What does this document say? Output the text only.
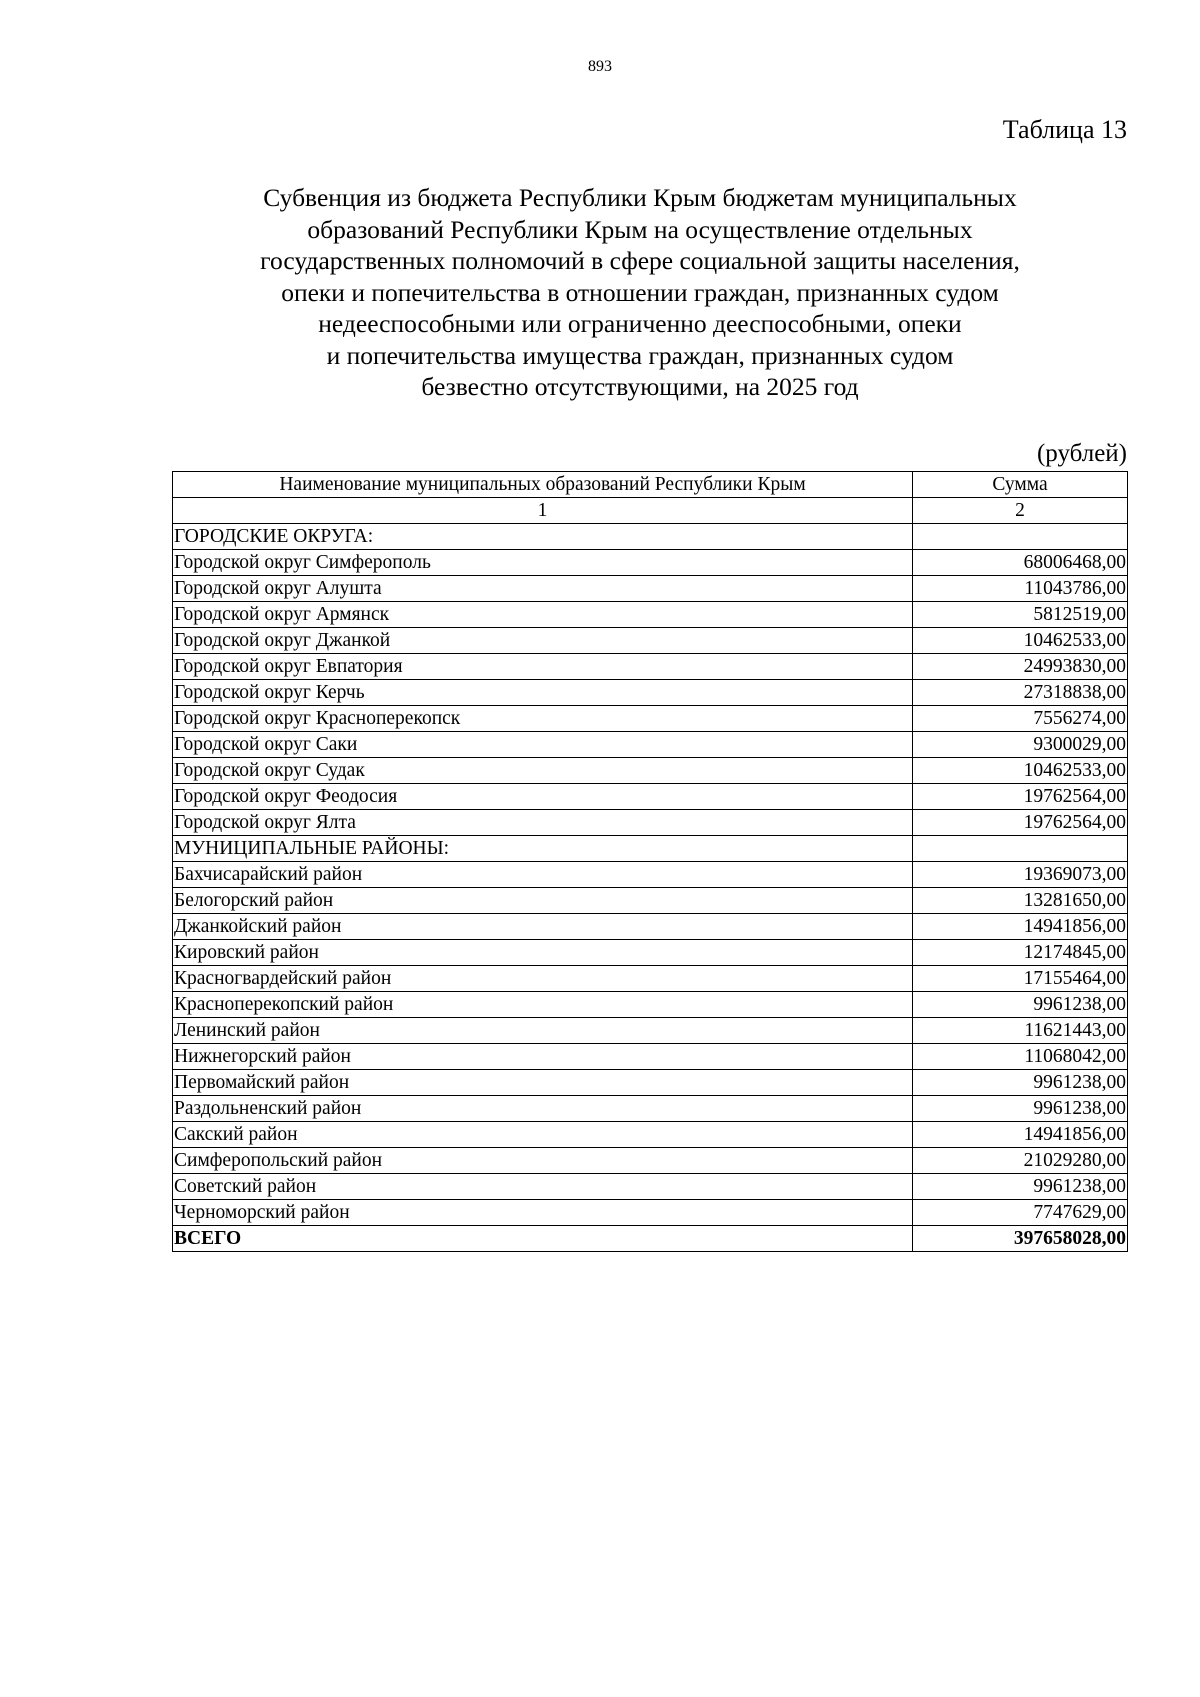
893
Таблица 13
Субвенция из бюджета Республики Крым бюджетам муниципальных
образований Республики Крым на осуществление отдельных
государственных полномочий в сфере социальной защиты населения,
опеки и попечительства в отношении граждан, признанных судом
недееспособными или ограниченно дееспособными, опеки
и попечительства имущества граждан, признанных судом
безвестно отсутствующими, на 2025 год
(рублей)
Наименование муниципальных образований Республики Крым	Сумма
1	2
ГОРОДСКИЕ ОКРУГА:	
Городской округ Симферополь	68006468,00
Городской округ Алушта	11043786,00
Городской округ Армянск	5812519,00
Городской округ Джанкой	10462533,00
Городской округ Евпатория	24993830,00
Городской округ Керчь	27318838,00
Городской округ Красноперекопск	7556274,00
Городской округ Саки	9300029,00
Городской округ Судак	10462533,00
Городской округ Феодосия	19762564,00
Городской округ Ялта	19762564,00
МУНИЦИПАЛЬНЫЕ РАЙОНЫ:	
Бахчисарайский район	19369073,00
Белогорский район	13281650,00
Джанкойский район	14941856,00
Кировский район	12174845,00
Красногвардейский район	17155464,00
Красноперекопский район	9961238,00
Ленинский район	11621443,00
Нижнегорский район	11068042,00
Первомайский район	9961238,00
Раздольненский район	9961238,00
Сакский район	14941856,00
Симферопольский район	21029280,00
Советский район	9961238,00
Черноморский район	7747629,00
ВСЕГО	397658028,00
